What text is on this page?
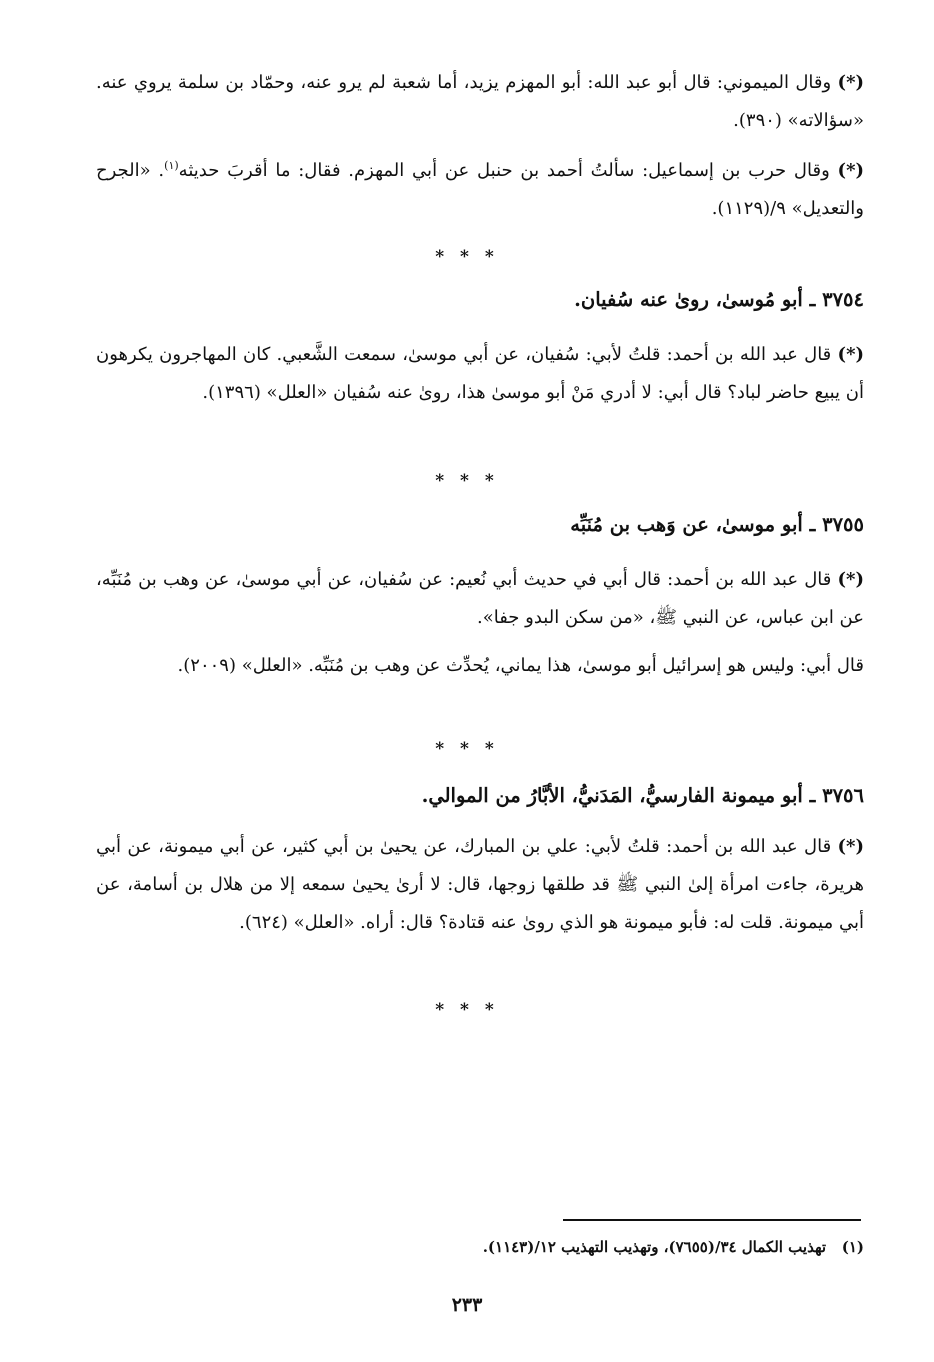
(*) وقال الميموني: قال أبو عبد الله: أبو المهزم يزيد، أما شعبة لم يرو عنه، وحمّاد بن سلمة يروي عنه. «سؤالاته» (٣٩٠).

(*) وقال حرب بن إسماعيل: سألتُ أحمد بن حنبل عن أبي المهزم. فقال: ما أقربَ حديثه$^{(١)}$. «الجرح والتعديل» ٩/(١١٢٩).

* * *
٣٧٥٤ ـ أبو مُوسىٰ، روىٰ عنه سُفيان.

(*) قال عبد الله بن أحمد: قلتُ لأبي: سُفيان، عن أبي موسىٰ، سمعت الشَّعبي. كان المهاجرون يكرهون أن يبيع حاضر لباد؟ قال أبي: لا أدري مَنْ أبو موسىٰ هذا، روىٰ عنه سُفيان «العلل» (١٣٩٦).

* * *
٣٧٥٥ ـ أبو موسىٰ، عن وَهب بن مُنَبِّه

(*) قال عبد الله بن أحمد: قال أبي في حديث أبي نُعيم: عن سُفيان، عن أبي موسىٰ، عن وهب بن مُنَبِّه، عن ابن عباس، عن النبي ﷺ، «من سكن البدو جفا».

قال أبي: وليس هو إسرائيل أبو موسىٰ، هذا يماني، يُحدِّث عن وهب بن مُنَبِّه. «العلل» (٢٠٠٩).

* * *
٣٧٥٦ ـ أبو ميمونة الفارسيُّ، المَدَنيُّ، الأبَّارُ من الموالي.

(*) قال عبد الله بن أحمد: قلتُ لأبي: علي بن المبارك، عن يحيىٰ بن أبي كثير، عن أبي ميمونة، عن أبي هريرة، جاءت امرأة إلىٰ النبي ﷺ قد طلقها زوجها، قال: لا أرىٰ يحيىٰ سمعه إلا من هلال بن أسامة، عن أبي ميمونة. قلت له: فأبو ميمونة هو الذي روىٰ عنه قتادة؟ قال: أراه. «العلل» (٦٢٤).

* * *
(١)   تهذيب الكمال ٣٤/(٧٦٥٥)، وتهذيب التهذيب ١٢/(١١٤٣).
٢٣٣
